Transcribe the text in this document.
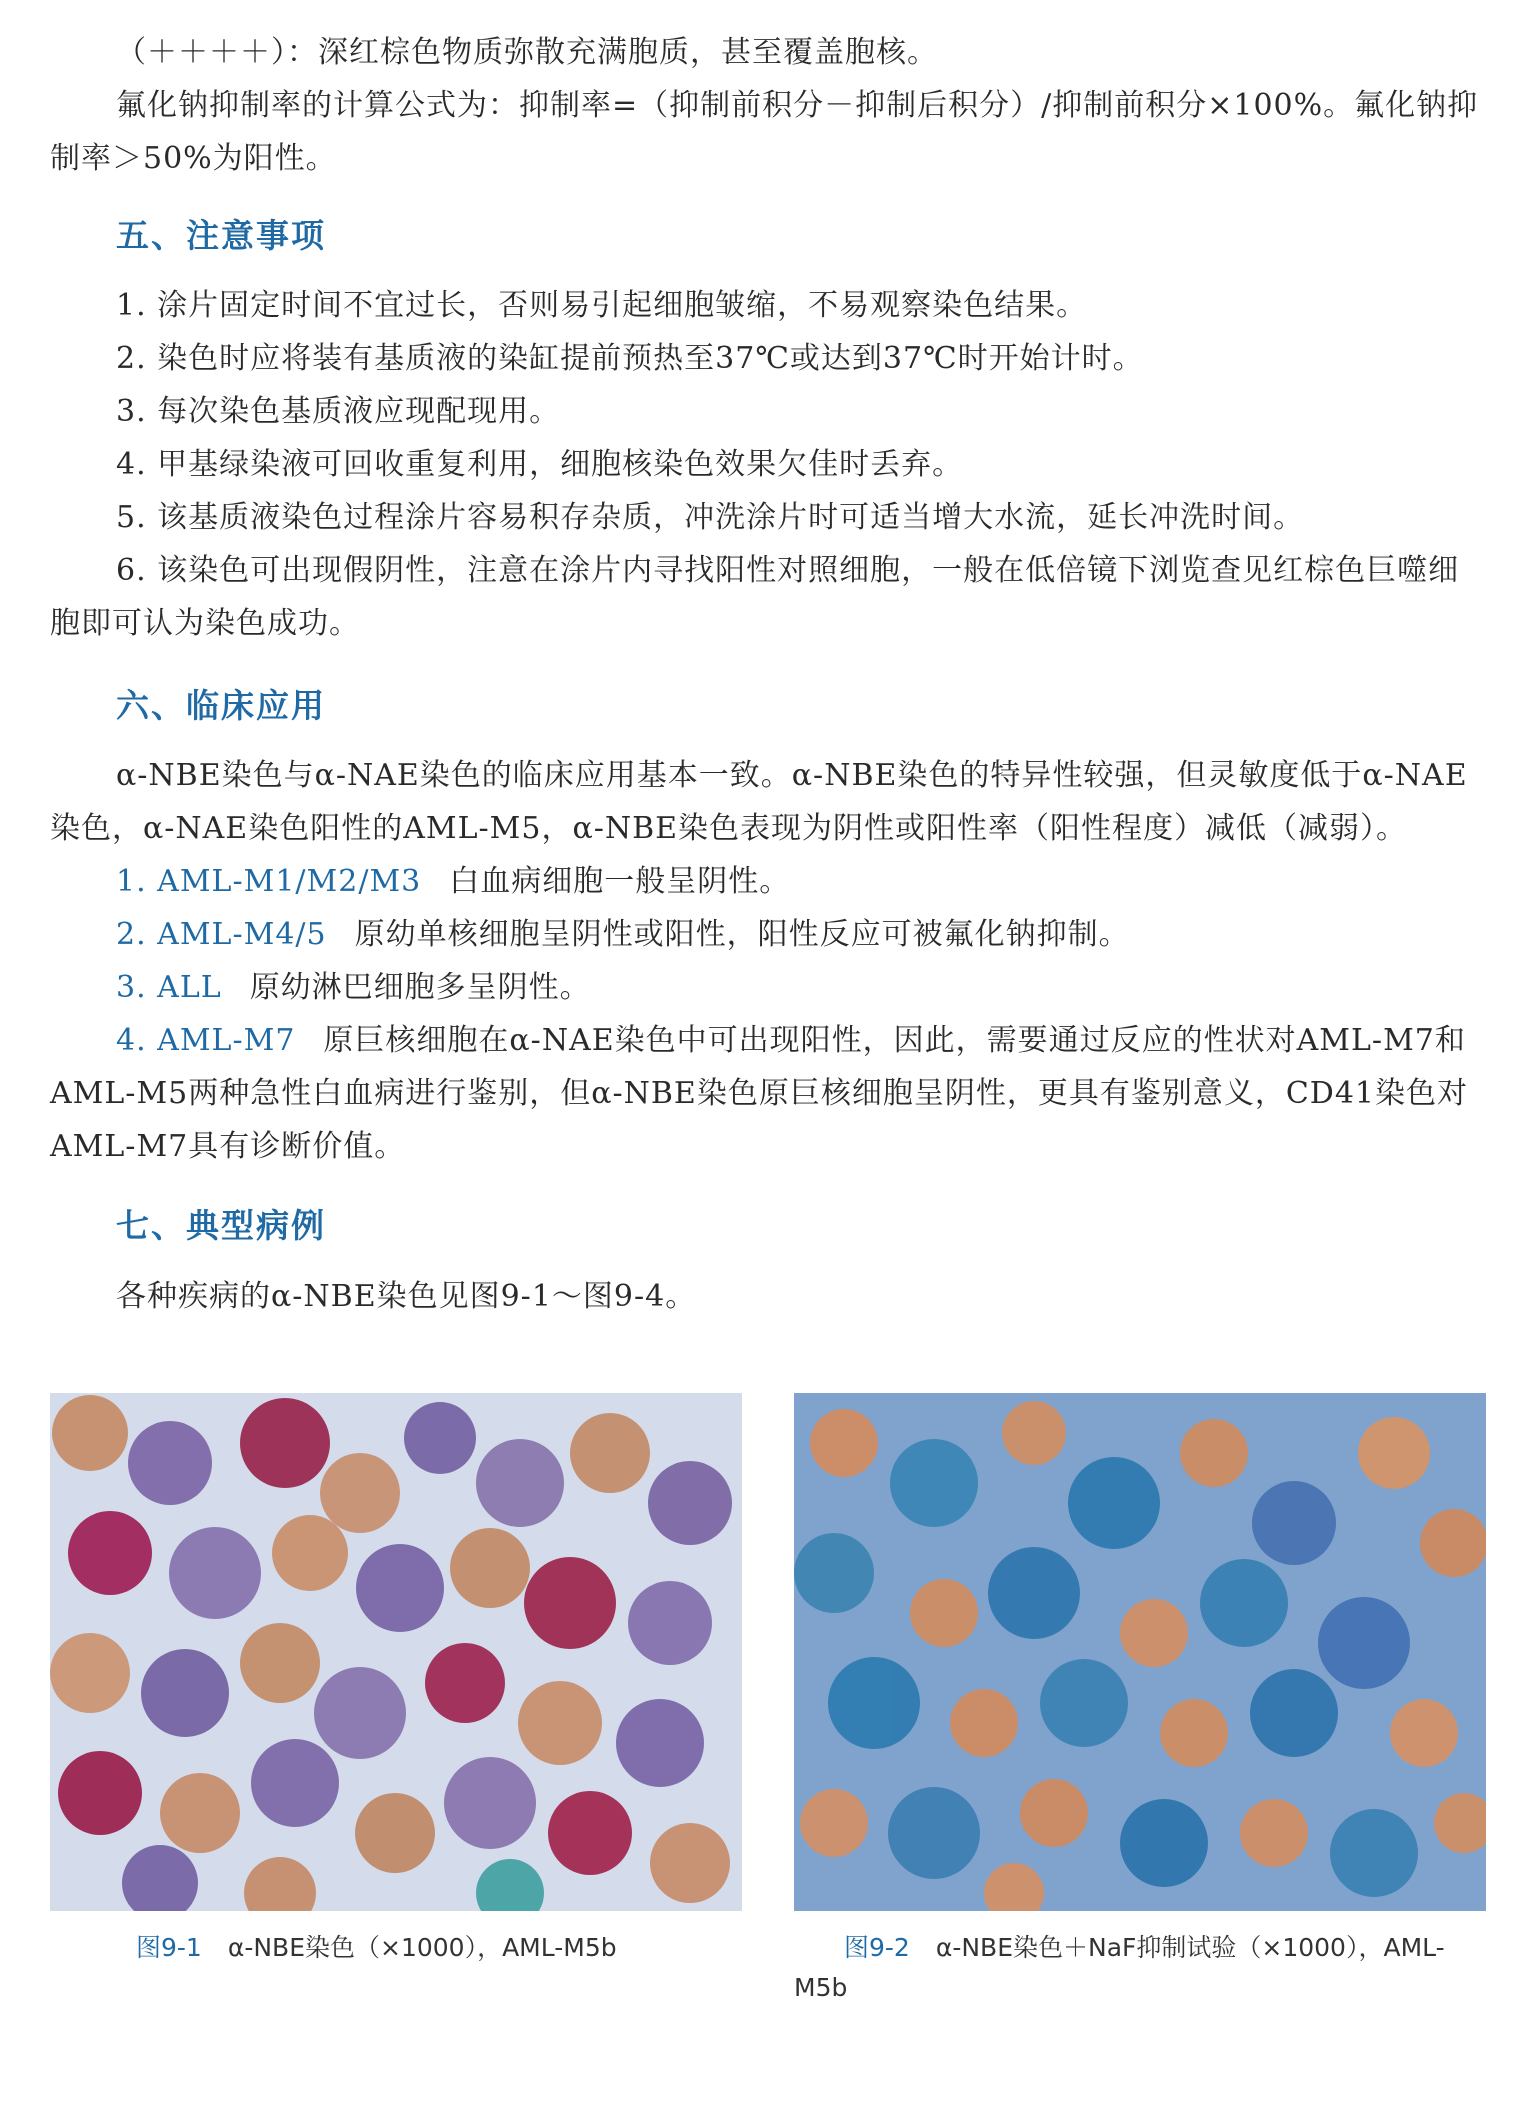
（＋＋＋＋）：深红棕色物质弥散充满胞质，甚至覆盖胞核。

氟化钠抑制率的计算公式为：抑制率=（抑制前积分－抑制后积分）/抑制前积分×100%。氟化钠抑制率＞50%为阳性。

五、注意事项

1. 涂片固定时间不宜过长，否则易引起细胞皱缩，不易观察染色结果。

2. 染色时应将装有基质液的染缸提前预热至37℃或达到37℃时开始计时。

3. 每次染色基质液应现配现用。

4. 甲基绿染液可回收重复利用，细胞核染色效果欠佳时丢弃。

5. 该基质液染色过程涂片容易积存杂质，冲洗涂片时可适当增大水流，延长冲洗时间。

6. 该染色可出现假阴性，注意在涂片内寻找阳性对照细胞，一般在低倍镜下浏览查见红棕色巨噬细胞即可认为染色成功。

六、临床应用

α-NBE染色与α-NAE染色的临床应用基本一致。α-NBE染色的特异性较强，但灵敏度低于α-NAE染色，α-NAE染色阳性的AML-M5，α-NBE染色表现为阴性或阳性率（阳性程度）减低（减弱）。

1. AML-M1/M2/M3 白血病细胞一般呈阴性。

2. AML-M4/5 原幼单核细胞呈阴性或阳性，阳性反应可被氟化钠抑制。

3. ALL 原幼淋巴细胞多呈阴性。

4. AML-M7 原巨核细胞在α-NAE染色中可出现阳性，因此，需要通过反应的性状对AML-M7和AML-M5两种急性白血病进行鉴别，但α-NBE染色原巨核细胞呈阴性，更具有鉴别意义，CD41染色对AML-M7具有诊断价值。

七、典型病例

各种疾病的α-NBE染色见图9-1～图9-4。

图9-1 α-NBE染色（×1000），AML-M5b	图9-2 α-NBE染色＋NaF抑制试验（×1000），AML-M5b
